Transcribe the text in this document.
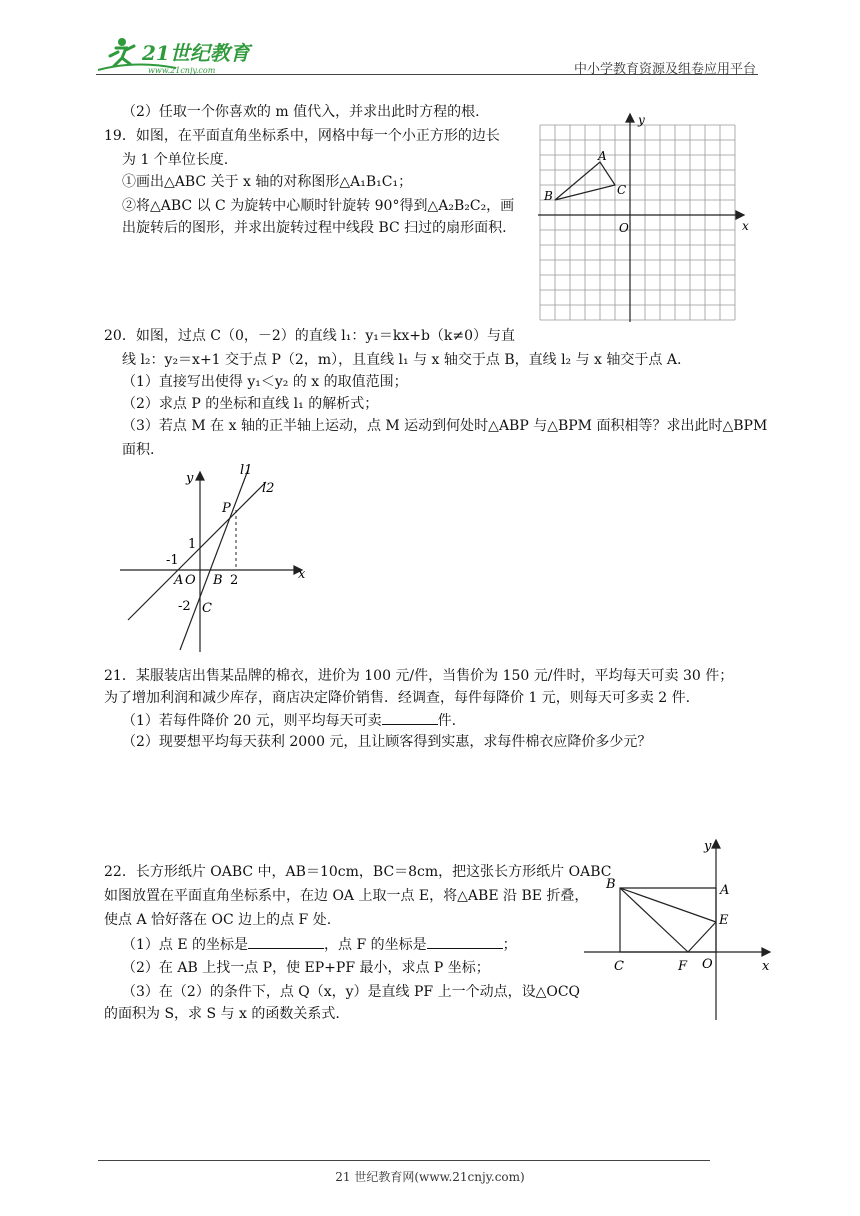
21世纪教育
www.21cnjy.com	中小学教育资源及组卷应用平台
（2）任取一个你喜欢的 m 值代入，并求出此时方程的根.
19．如图，在平面直角坐标系中，网格中每一个小正方形的边长
为 1 个单位长度.
①画出△ABC 关于 x 轴的对称图形△A₁B₁C₁；
②将△ABC 以 C 为旋转中心顺时针旋转 90°得到△A₂B₂C₂，画
出旋转后的图形，并求出旋转过程中线段 BC 扫过的扇形面积.
y
x
A
B	C
O
20．如图，过点 C（0，－2）的直线 l₁：y₁＝kx+b（k≠0）与直
线 l₂：y₂＝x+1 交于点 P（2，m），且直线 l₁ 与 x 轴交于点 B，直线 l₂ 与 x 轴交于点 A.
（1）直接写出使得 y₁＜y₂ 的 x 的取值范围；
（2）求点 P 的坐标和直线 l₁ 的解析式；
（3）若点 M 在 x 轴的正半轴上运动，点 M 运动到何处时△ABP 与△BPM 面积相等？求出此时△BPM
面积.
y
x
l1
l2
P
1
-1
A O B 2
-2 C
21．某服装店出售某品牌的棉衣，进价为 100 元/件，当售价为 150 元/件时，平均每天可卖 30 件；
为了增加利润和减少库存，商店决定降价销售．经调查，每件每降价 1 元，则每天可多卖 2 件.
（1）若每件降价 20 元，则平均每天可卖	件.
（2）现要想平均每天获利 2000 元，且让顾客得到实惠，求每件棉衣应降价多少元？
22．长方形纸片 OABC 中，AB＝10cm，BC＝8cm，把这张长方形纸片 OABC
如图放置在平面直角坐标系中，在边 OA 上取一点 E，将△ABE 沿 BE 折叠，
使点 A 恰好落在 OC 边上的点 F 处.
（1）点 E 的坐标是	，点 F 的坐标是	；
（2）在 AB 上找一点 P，使 EP+PF 最小，求点 P 坐标；
（3）在（2）的条件下，点 Q（x，y）是直线 PF 上一个动点，设△OCQ
的面积为 S，求 S 与 x 的函数关系式.
y
x
B	A
E
C	F O
21 世纪教育网(www.21cnjy.com)
